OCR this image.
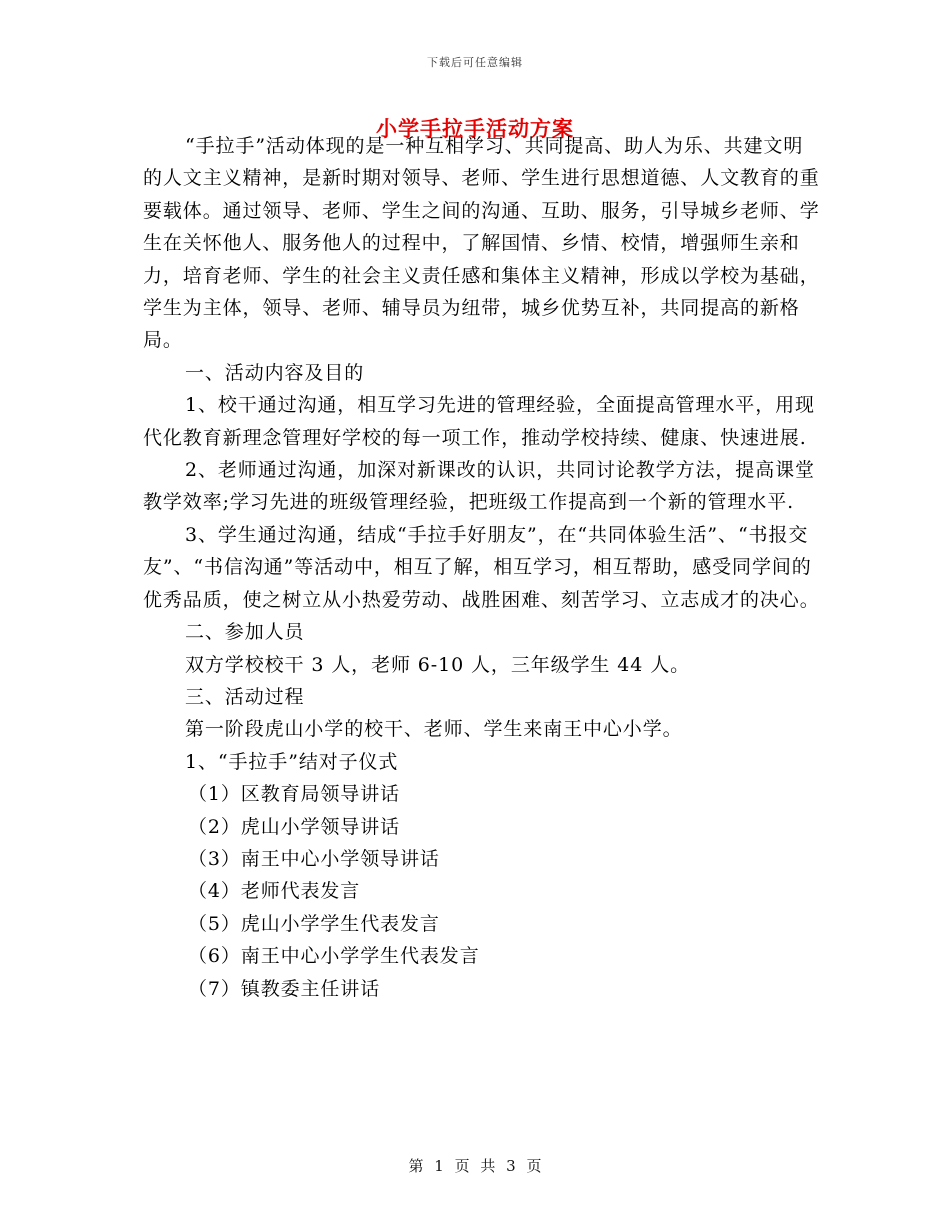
下载后可任意编辑
小学手拉手活动方案

“手拉手”活动体现的是一种互相学习、共同提高、助人为乐、共建文明的人文主义精神，是新时期对领导、老师、学生进行思想道德、人文教育的重要载体。通过领导、老师、学生之间的沟通、互助、服务，引导城乡老师、学生在关怀他人、服务他人的过程中，了解国情、乡情、校情，增强师生亲和力，培育老师、学生的社会主义责任感和集体主义精神，形成以学校为基础，学生为主体，领导、老师、辅导员为纽带，城乡优势互补，共同提高的新格局。

一、活动内容及目的

1、校干通过沟通，相互学习先进的管理经验，全面提高管理水平，用现代化教育新理念管理好学校的每一项工作，推动学校持续、健康、快速进展.

2、老师通过沟通，加深对新课改的认识，共同讨论教学方法，提高课堂教学效率;学习先进的班级管理经验，把班级工作提高到一个新的管理水平.

3、学生通过沟通，结成“手拉手好朋友”，在“共同体验生活”、“书报交友”、“书信沟通”等活动中，相互了解，相互学习，相互帮助，感受同学间的优秀品质，使之树立从小热爱劳动、战胜困难、刻苦学习、立志成才的决心。

二、参加人员

双方学校校干 3 人，老师 6-10 人，三年级学生 44 人。

三、活动过程

第一阶段虎山小学的校干、老师、学生来南王中心小学。

1、“手拉手”结对子仪式

（1）区教育局领导讲话

（2）虎山小学领导讲话

（3）南王中心小学领导讲话

（4）老师代表发言

（5）虎山小学学生代表发言

（6）南王中心小学学生代表发言

（7）镇教委主任讲话

第 1 页 共 3 页
